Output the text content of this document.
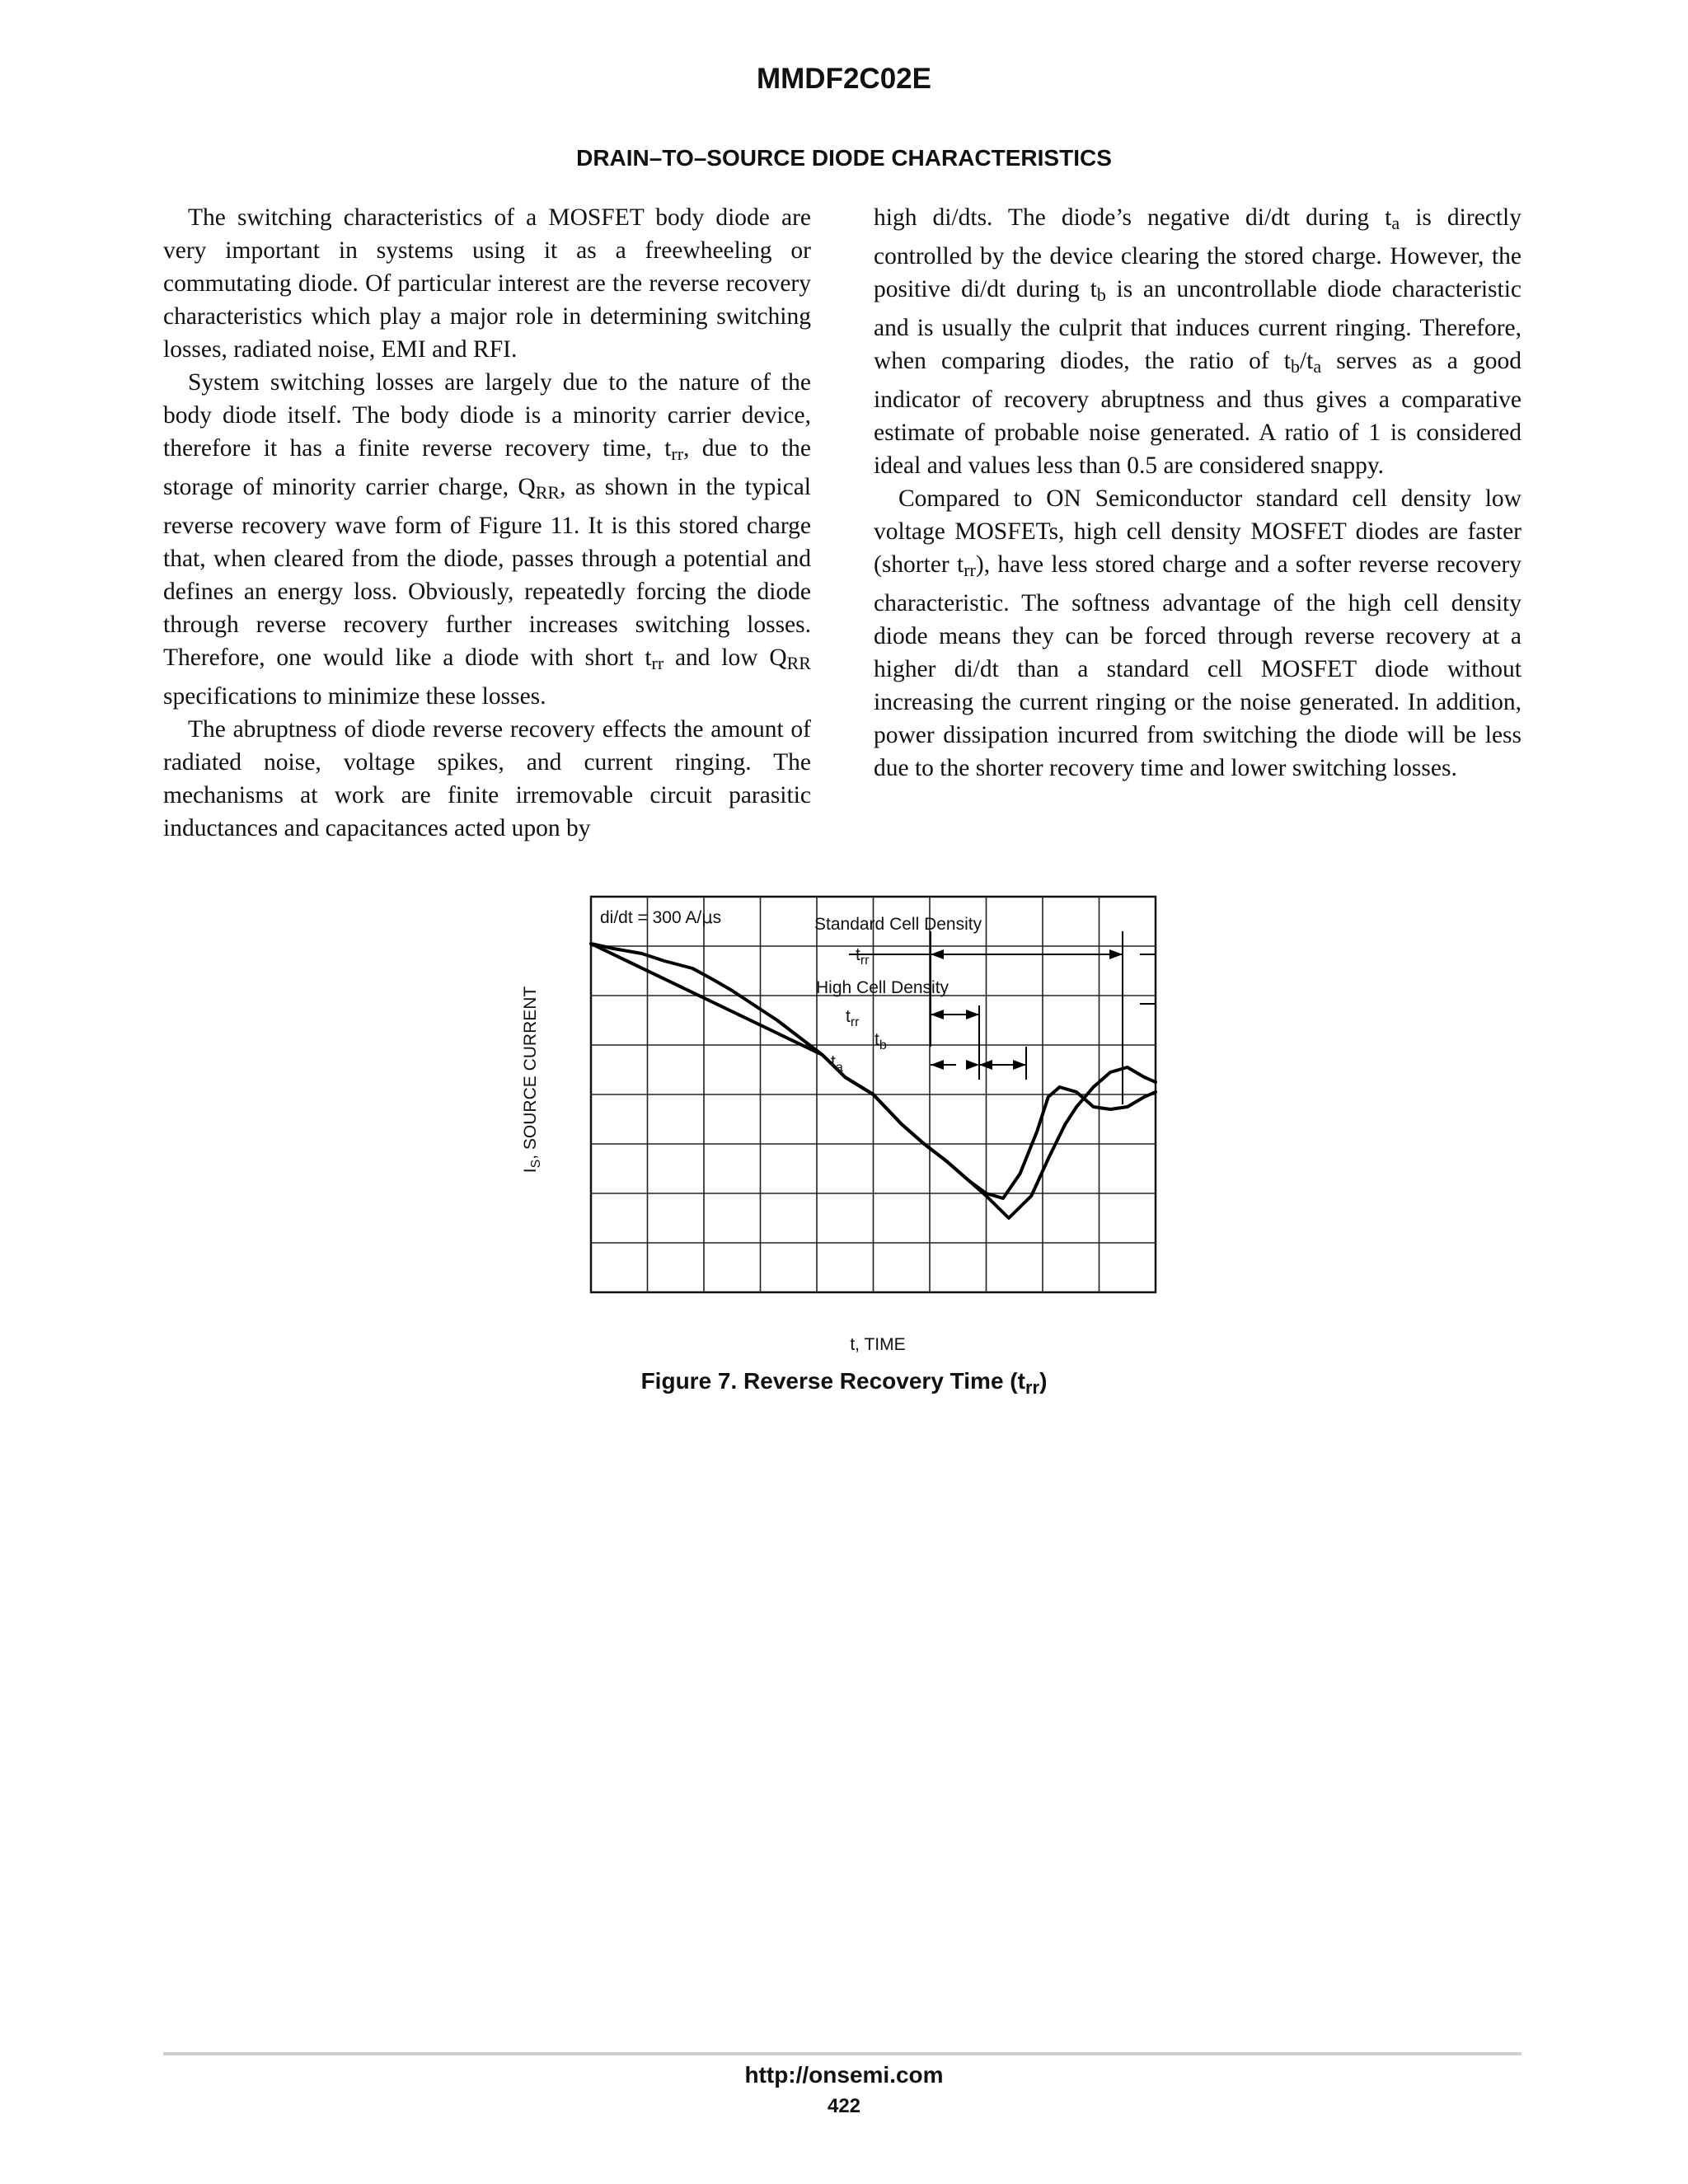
MMDF2C02E
DRAIN–TO–SOURCE DIODE CHARACTERISTICS

The switching characteristics of a MOSFET body diode are very important in systems using it as a freewheeling or commutating diode. Of particular interest are the reverse recovery characteristics which play a major role in determining switching losses, radiated noise, EMI and RFI.

System switching losses are largely due to the nature of the body diode itself. The body diode is a minority carrier device, therefore it has a finite reverse recovery time, $t_{rr}$, due to the storage of minority carrier charge, $Q_{RR}$, as shown in the typical reverse recovery wave form of Figure 11. It is this stored charge that, when cleared from the diode, passes through a potential and defines an energy loss. Obviously, repeatedly forcing the diode through reverse recovery further increases switching losses. Therefore, one would like a diode with short $t_{rr}$ and low $Q_{RR}$ specifications to minimize these losses.

The abruptness of diode reverse recovery effects the amount of radiated noise, voltage spikes, and current ringing. The mechanisms at work are finite irremovable circuit parasitic inductances and capacitances acted upon by

high di/dts. The diode’s negative di/dt during $t_a$ is directly controlled by the device clearing the stored charge. However, the positive di/dt during $t_b$ is an uncontrollable diode characteristic and is usually the culprit that induces current ringing. Therefore, when comparing diodes, the ratio of $t_b/t_a$ serves as a good indicator of recovery abruptness and thus gives a comparative estimate of probable noise generated. A ratio of 1 is considered ideal and values less than 0.5 are considered snappy.

Compared to ON Semiconductor standard cell density low voltage MOSFETs, high cell density MOSFET diodes are faster (shorter $t_{rr}$), have less stored charge and a softer reverse recovery characteristic. The softness advantage of the high cell density diode means they can be forced through reverse recovery at a higher di/dt than a standard cell MOSFET diode without increasing the current ringing or the noise generated. In addition, power dissipation incurred from switching the diode will be less due to the shorter recovery time and lower switching losses.

di/dt = 300 A/μs	Standard Cell Density
$t_{rr}$
High Cell Density
$t_{rr}$
$t_b$
$t_a$
$I_S$, SOURCE CURRENT
t, TIME

Figure 7. Reverse Recovery Time $(t_{rr})$

http://onsemi.com
422
